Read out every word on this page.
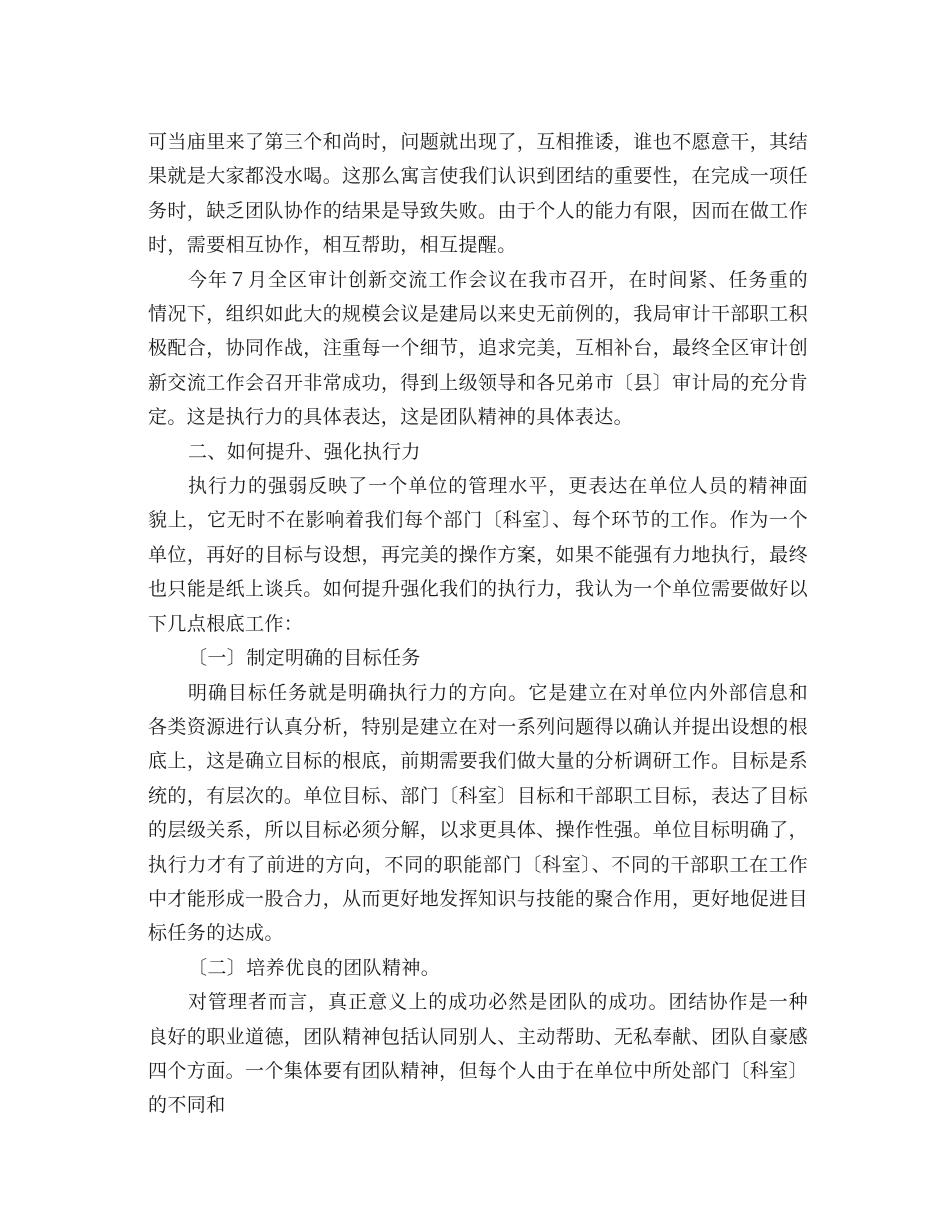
可当庙里来了第三个和尚时，问题就出现了，互相推诿，谁也不愿意干，其结果就是大家都没水喝。这那么寓言使我们认识到团结的重要性，在完成一项任务时，缺乏团队协作的结果是导致失败。由于个人的能力有限，因而在做工作时，需要相互协作，相互帮助，相互提醒。

今年７月全区审计创新交流工作会议在我市召开，在时间紧、任务重的情况下，组织如此大的规模会议是建局以来史无前例的，我局审计干部职工积极配合，协同作战，注重每一个细节，追求完美，互相补台，最终全区审计创新交流工作会召开非常成功，得到上级领导和各兄弟市〔县〕审计局的充分肯定。这是执行力的具体表达，这是团队精神的具体表达。

二、如何提升、强化执行力

执行力的强弱反映了一个单位的管理水平，更表达在单位人员的精神面貌上，它无时不在影响着我们每个部门〔科室〕、每个环节的工作。作为一个单位，再好的目标与设想，再完美的操作方案，如果不能强有力地执行，最终也只能是纸上谈兵。如何提升强化我们的执行力，我认为一个单位需要做好以下几点根底工作：

〔一〕制定明确的目标任务

明确目标任务就是明确执行力的方向。它是建立在对单位内外部信息和各类资源进行认真分析，特别是建立在对一系列问题得以确认并提出设想的根底上，这是确立目标的根底，前期需要我们做大量的分析调研工作。目标是系统的，有层次的。单位目标、部门〔科室〕目标和干部职工目标，表达了目标的层级关系，所以目标必须分解，以求更具体、操作性强。单位目标明确了，执行力才有了前进的方向，不同的职能部门〔科室〕、不同的干部职工在工作中才能形成一股合力，从而更好地发挥知识与技能的聚合作用，更好地促进目标任务的达成。

〔二〕培养优良的团队精神。

对管理者而言，真正意义上的成功必然是团队的成功。团结协作是一种良好的职业道德，团队精神包括认同别人、主动帮助、无私奉献、团队自豪感四个方面。一个集体要有团队精神，但每个人由于在单位中所处部门〔科室〕的不同和
